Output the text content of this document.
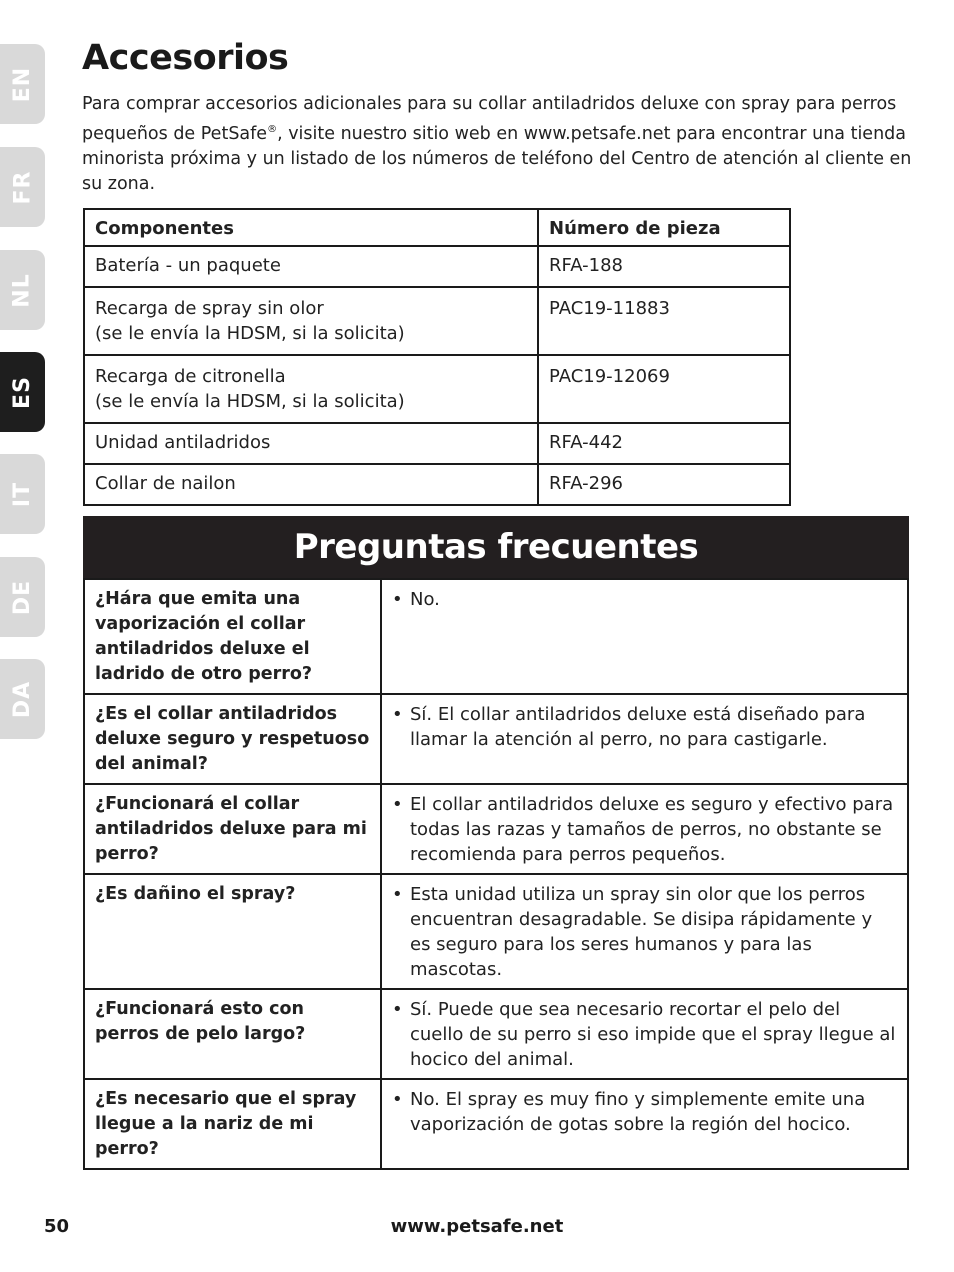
EN
FR
NL
ES
IT
DE
DA
Accesorios

Para comprar accesorios adicionales para su collar antiladridos deluxe con spray para perros pequeños de PetSafe®, visite nuestro sitio web en www.petsafe.net para encontrar una tienda minorista próxima y un listado de los números de teléfono del Centro de atención al cliente en su zona.

Componentes	Número de pieza
Batería - un paquete	RFA-188
Recarga de spray sin olor
(se le envía la HDSM, si la solicita)	PAC19-11883
Recarga de citronella
(se le envía la HDSM, si la solicita)	PAC19-12069
Unidad antiladridos	RFA-442
Collar de nailon	RFA-296
Preguntas frecuentes
¿Hára que emita una vaporización el collar antiladridos deluxe el ladrido de otro perro?	• No.
¿Es el collar antiladridos deluxe seguro y respetuoso del animal?	• Sí. El collar antiladridos deluxe está diseñado para llamar la atención al perro, no para castigarle.
¿Funcionará el collar antiladridos deluxe para mi perro?	• El collar antiladridos deluxe es seguro y efectivo para todas las razas y tamaños de perros, no obstante se recomienda para perros pequeños.
¿Es dañino el spray?	• Esta unidad utiliza un spray sin olor que los perros encuentran desagradable. Se disipa rápidamente y es seguro para los seres humanos y para las mascotas.
¿Funcionará esto con perros de pelo largo?	• Sí. Puede que sea necesario recortar el pelo del cuello de su perro si eso impide que el spray llegue al hocico del animal.
¿Es necesario que el spray llegue a la nariz de mi perro?	• No. El spray es muy fino y simplemente emite una vaporización de gotas sobre la región del hocico.
50	www.petsafe.net
